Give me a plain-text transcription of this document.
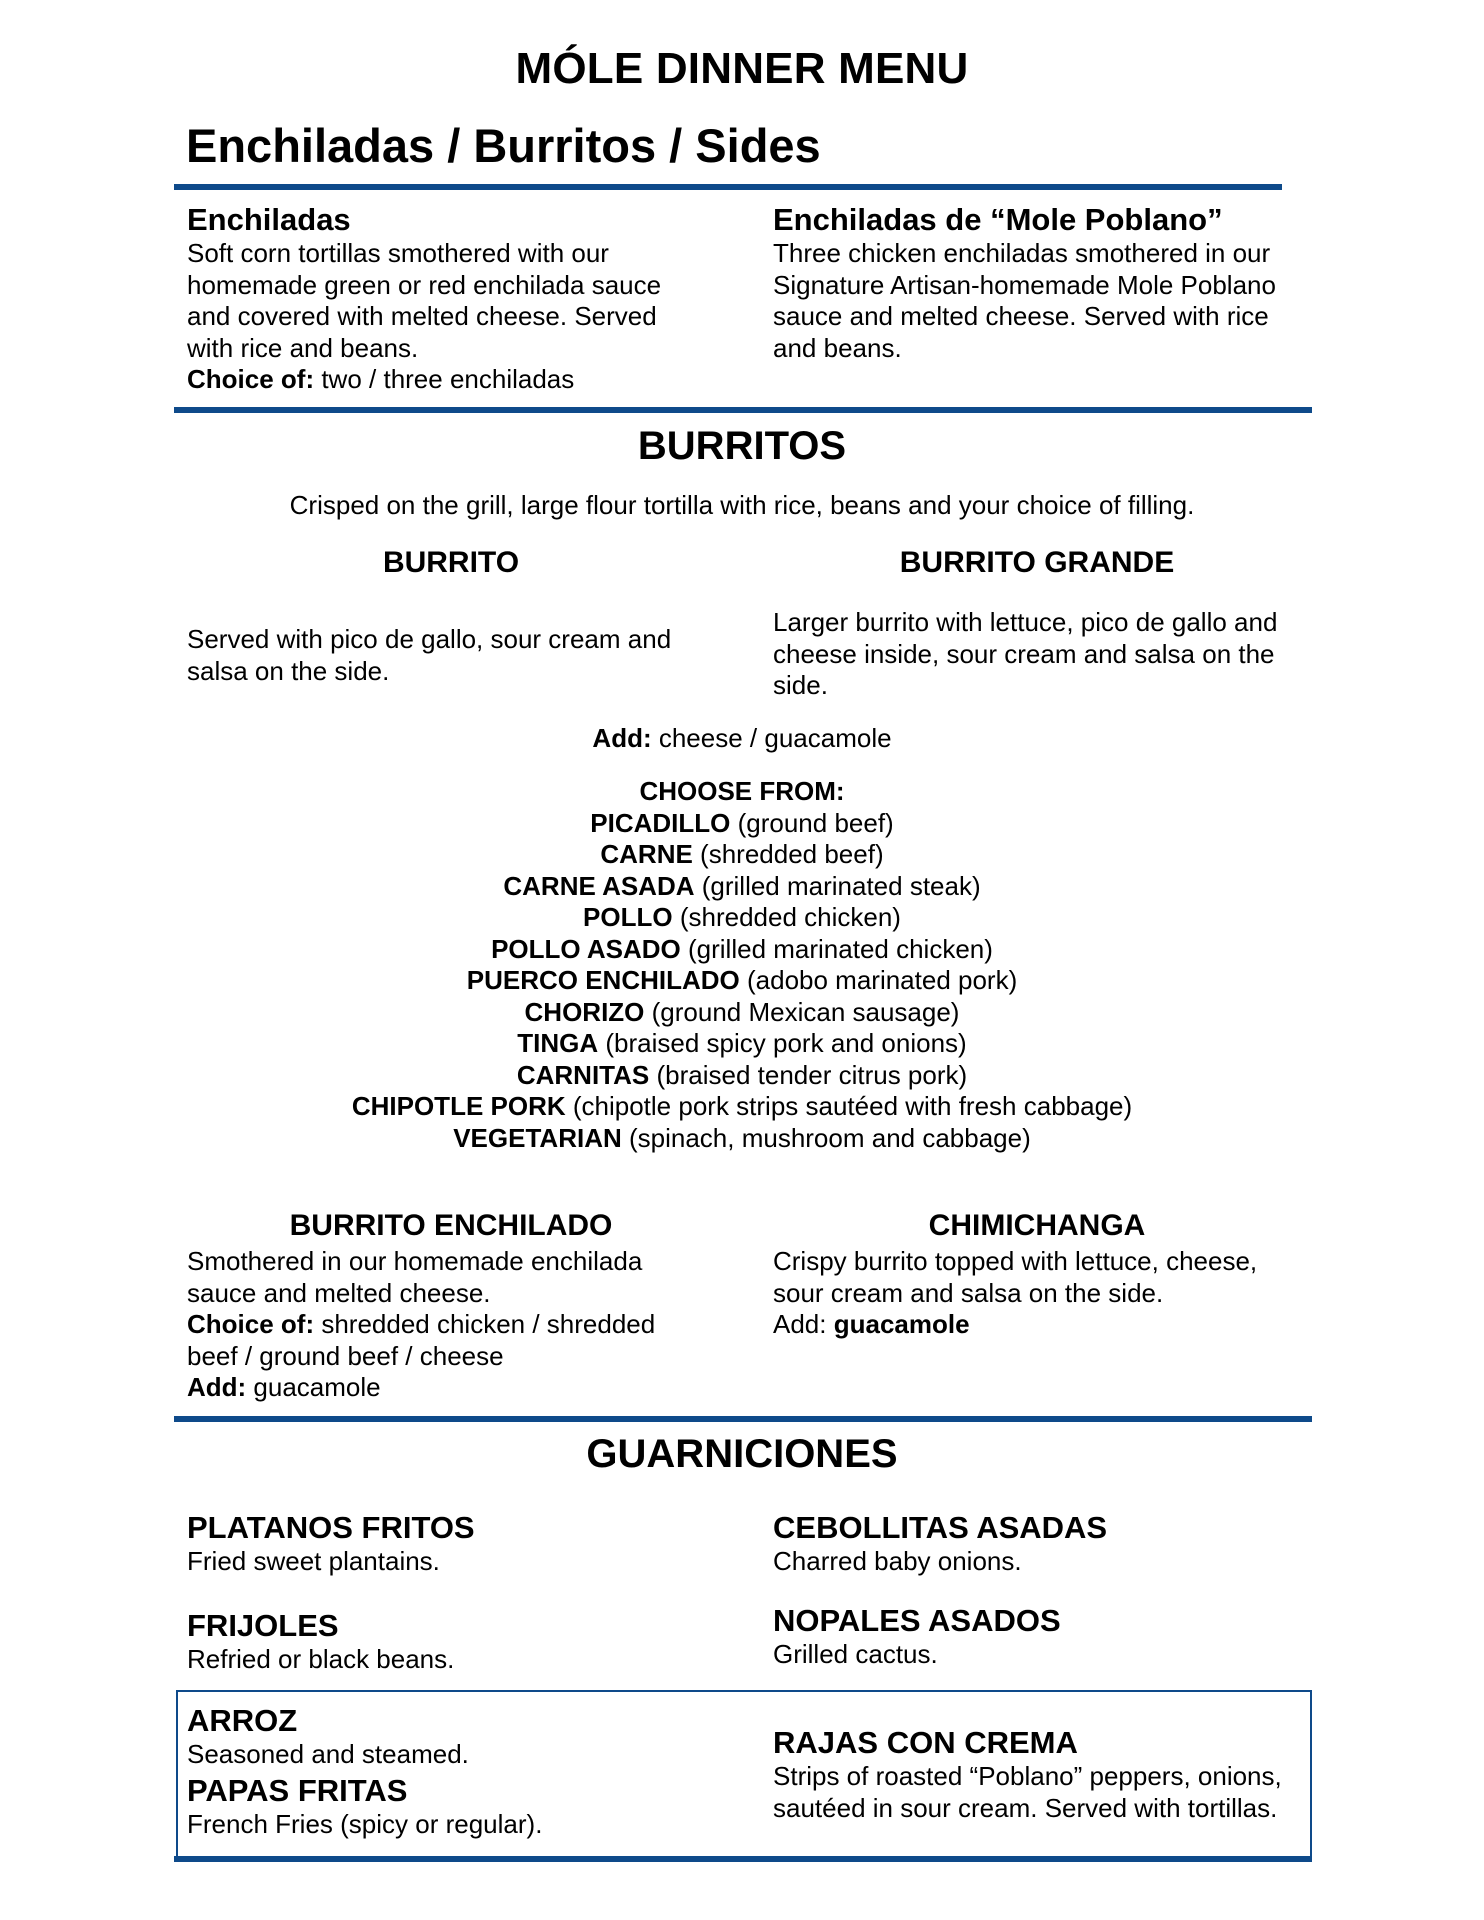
MÓLE DINNER MENU
Enchiladas / Burritos / Sides
Enchiladas
Soft corn tortillas smothered with our
homemade green or red enchilada sauce
and covered with melted cheese. Served
with rice and beans.
Choice of: two / three enchiladas
Enchiladas de “Mole Poblano”
Three chicken enchiladas smothered in our
Signature Artisan-homemade Mole Poblano
sauce and melted cheese. Served with rice
and beans.
BURRITOS
Crisped on the grill, large flour tortilla with rice, beans and your choice of filling.
BURRITO
Served with pico de gallo, sour cream and
salsa on the side.
BURRITO GRANDE
Larger burrito with lettuce, pico de gallo and
cheese inside, sour cream and salsa on the
side.
Add: cheese / guacamole
CHOOSE FROM:
PICADILLO (ground beef)
CARNE (shredded beef)
CARNE ASADA (grilled marinated steak)
POLLO (shredded chicken)
POLLO ASADO (grilled marinated chicken)
PUERCO ENCHILADO (adobo marinated pork)
CHORIZO (ground Mexican sausage)
TINGA (braised spicy pork and onions)
CARNITAS (braised tender citrus pork)
CHIPOTLE PORK (chipotle pork strips sautéed with fresh cabbage)
VEGETARIAN (spinach, mushroom and cabbage)
BURRITO ENCHILADO
Smothered in our homemade enchilada
sauce and melted cheese.
Choice of: shredded chicken / shredded
beef / ground beef / cheese
Add: guacamole
CHIMICHANGA
Crispy burrito topped with lettuce, cheese,
sour cream and salsa on the side.
Add: guacamole
GUARNICIONES
PLATANOS FRITOS
Fried sweet plantains.
CEBOLLITAS ASADAS
Charred baby onions.
FRIJOLES
Refried or black beans.
NOPALES ASADOS
Grilled cactus.
ARROZ
Seasoned and steamed.
PAPAS FRITAS
French Fries (spicy or regular).
RAJAS CON CREMA
Strips of roasted “Poblano” peppers, onions,
sautéed in sour cream. Served with tortillas.
